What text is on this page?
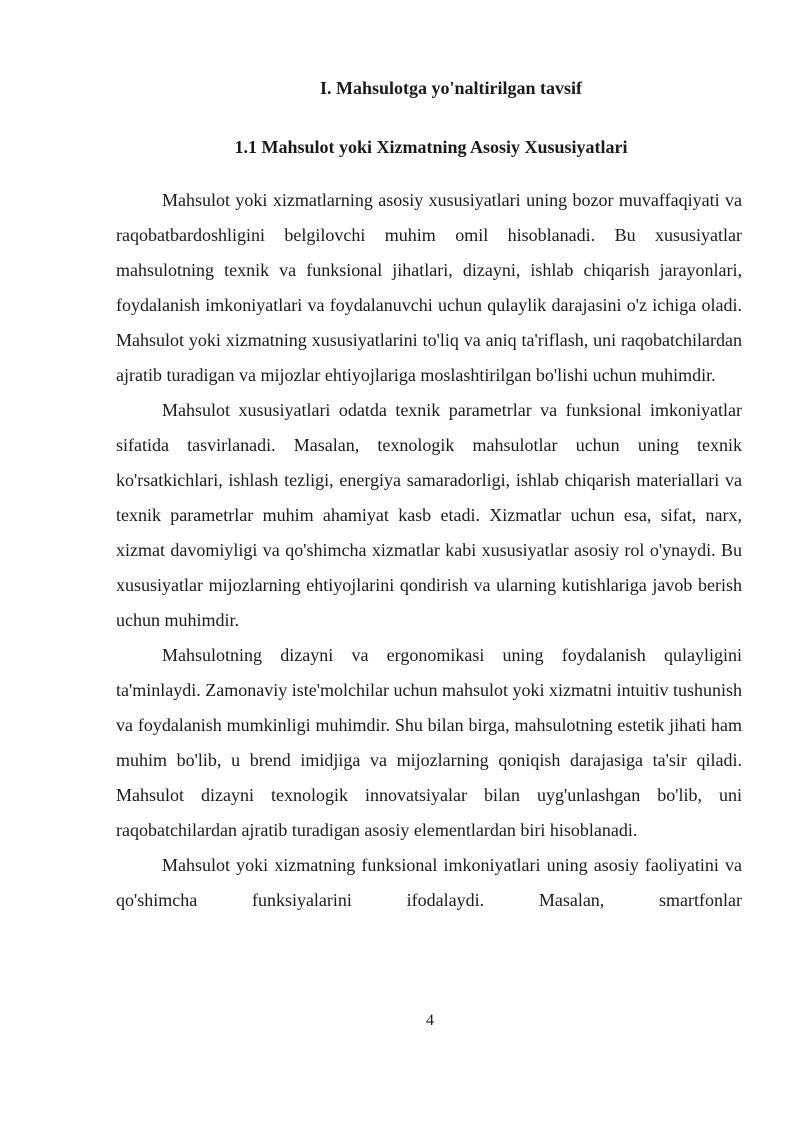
I. Mahsulotga yo'naltirilgan tavsif
1.1 Mahsulot yoki Xizmatning Asosiy Xususiyatlari

Mahsulot yoki xizmatlarning asosiy xususiyatlari uning bozor muvaffaqiyati va raqobatbardoshligini belgilovchi muhim omil hisoblanadi. Bu xususiyatlar mahsulotning texnik va funksional jihatlari, dizayni, ishlab chiqarish jarayonlari, foydalanish imkoniyatlari va foydalanuvchi uchun qulaylik darajasini o'z ichiga oladi. Mahsulot yoki xizmatning xususiyatlarini to'liq va aniq ta'riflash, uni raqobatchilardan ajratib turadigan va mijozlar ehtiyojlariga moslashtirilgan bo'lishi uchun muhimdir.

Mahsulot xususiyatlari odatda texnik parametrlar va funksional imkoniyatlar sifatida tasvirlanadi. Masalan, texnologik mahsulotlar uchun uning texnik ko'rsatkichlari, ishlash tezligi, energiya samaradorligi, ishlab chiqarish materiallari va texnik parametrlar muhim ahamiyat kasb etadi. Xizmatlar uchun esa, sifat, narx, xizmat davomiyligi va qo'shimcha xizmatlar kabi xususiyatlar asosiy rol o'ynaydi. Bu xususiyatlar mijozlarning ehtiyojlarini qondirish va ularning kutishlariga javob berish uchun muhimdir.

Mahsulotning dizayni va ergonomikasi uning foydalanish qulayligini ta'minlaydi. Zamonaviy iste'molchilar uchun mahsulot yoki xizmatni intuitiv tushunish va foydalanish mumkinligi muhimdir. Shu bilan birga, mahsulotning estetik jihati ham muhim bo'lib, u brend imidjiga va mijozlarning qoniqish darajasiga ta'sir qiladi. Mahsulot dizayni texnologik innovatsiyalar bilan uyg'unlashgan bo'lib, uni raqobatchilardan ajratib turadigan asosiy elementlardan biri hisoblanadi.

Mahsulot yoki xizmatning funksional imkoniyatlari uning asosiy faoliyatini va qo'shimcha funksiyalarini ifodalaydi. Masalan, smartfonlar

4
